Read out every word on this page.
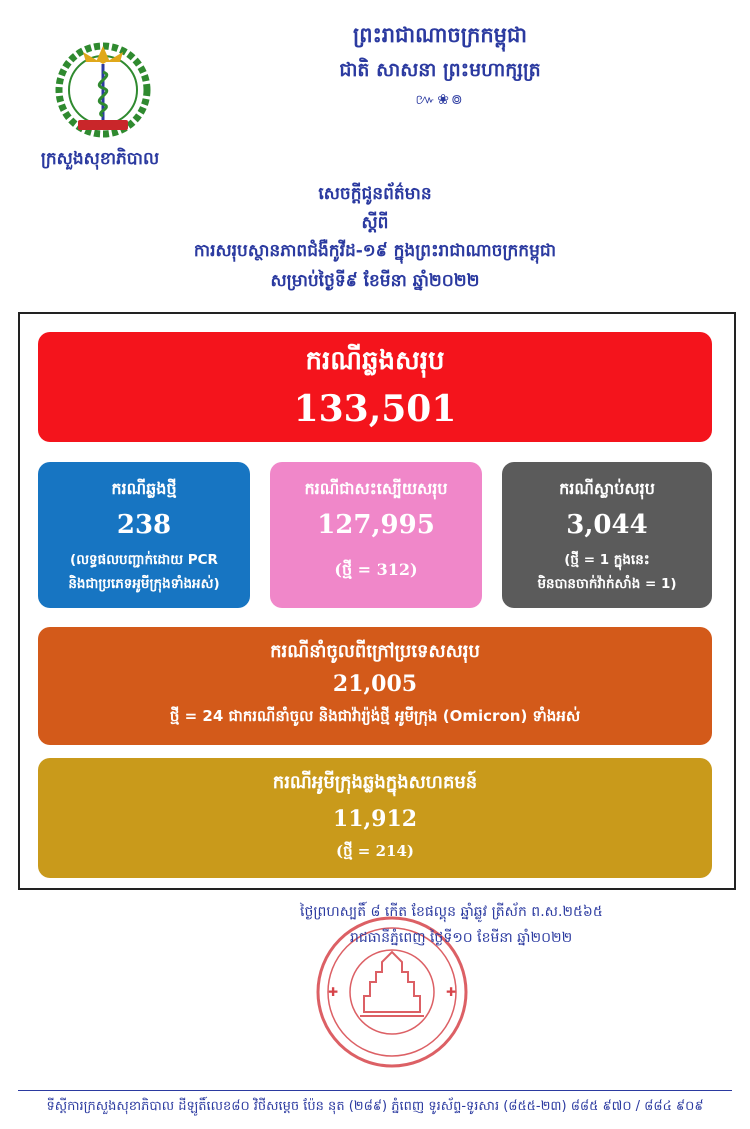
ព្រះរាជាណាចក្រកម្ពុជា
ជាតិ សាសនា ព្រះមហាក្សត្រ
៚❀៙
ក្រសួងសុខាភិបាល
សេចក្តីជូនព័ត៌មាន
ស្តីពី
ការសរុបស្ថានភាពជំងឺកូវីដ-១៩ ក្នុងព្រះរាជាណាចក្រកម្ពុជា
សម្រាប់ថ្ងៃទី៩ ខែមីនា ឆ្នាំ២០២២
ករណីឆ្លងសរុប
133,501
ករណីឆ្លងថ្មី
238
(លទ្ធផលបញ្ជាក់ដោយ PCR
និងជាប្រភេទអូមីក្រុងទាំងអស់)
ករណីជាសះស្បើយសរុប
127,995
(ថ្មី = 312)
ករណីស្លាប់សរុប
3,044
(ថ្មី = 1 ក្នុងនេះ
មិនបានចាក់វ៉ាក់សាំង = 1)
ករណីនាំចូលពីក្រៅប្រទេសសរុប
21,005
ថ្មី = 24 ជាករណីនាំចូល និងជាវ៉ារ្យ៉ង់ថ្មី អូមីក្រុង (Omicron) ទាំងអស់
ករណីអូមីក្រុងឆ្លងក្នុងសហគមន៍
11,912
(ថ្មី = 214)
✚	✚
ថ្ងៃព្រហស្បតិ៍ ៨ កើត ខែផល្គុន ឆ្នាំឆ្លូវ ត្រីស័ក ព.ស.២៥៦៥
រាជធានីភ្នំពេញ ថ្ងៃទី១០ ខែមីនា ឆ្នាំ២០២២
ទីស្តីការក្រសួងសុខាភិបាល ដីឡូតិ៍លេខ៨០ វិថីសម្តេច ប៉ែន នុត (២៨៩) ភ្នំពេញ ទូរស័ព្ទ-ទូរសារ (៨៥៥-២៣) ៨៨៥ ៩៧០ / ៨៨៤ ៩០៩
